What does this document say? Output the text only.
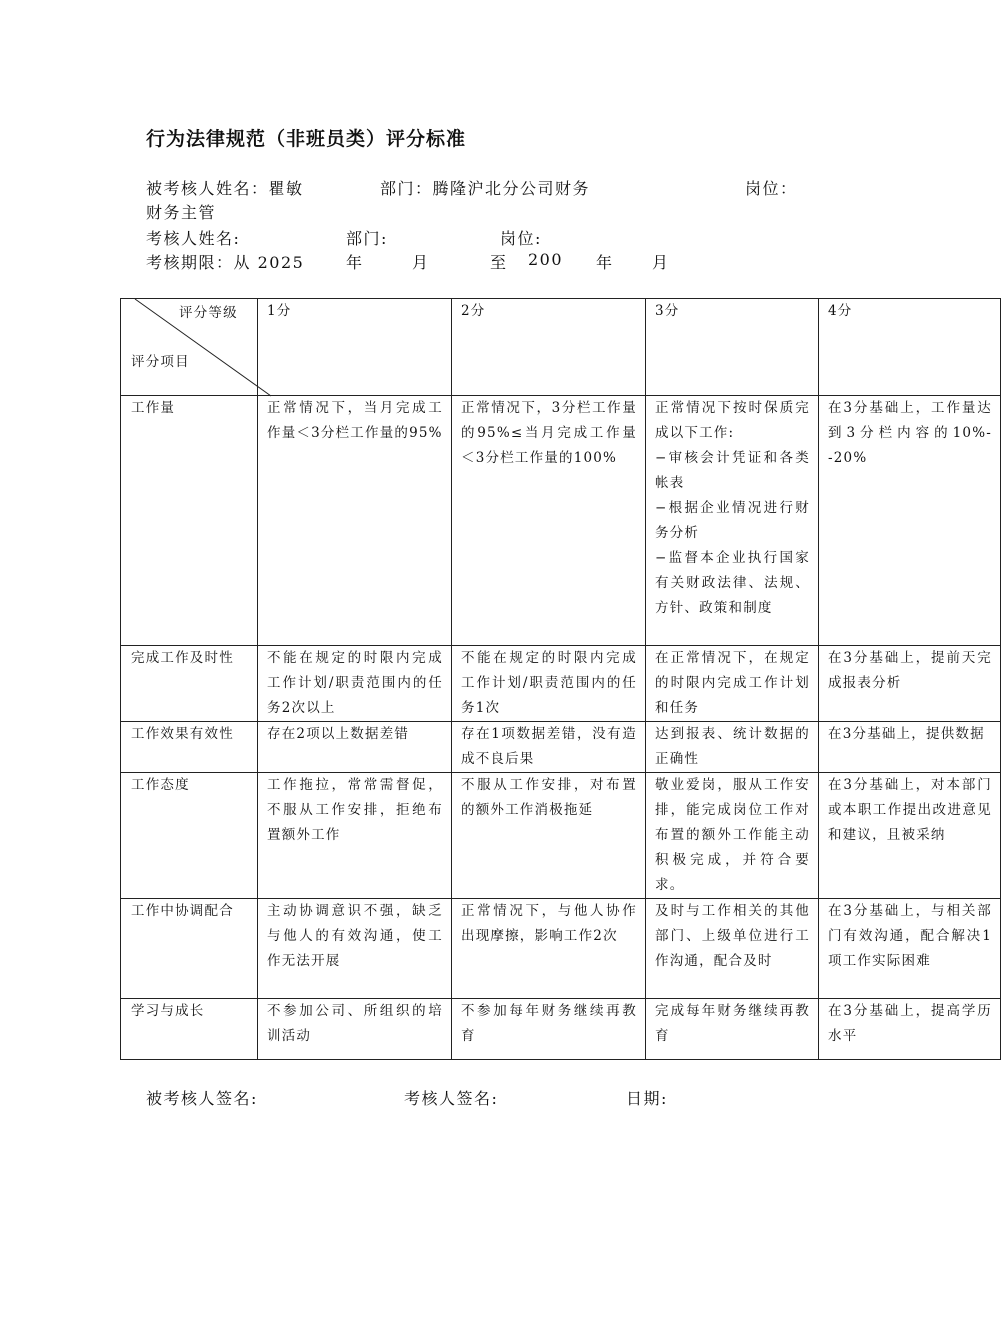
行为法律规范（非班员类）评分标准
被考核人姓名：瞿敏	部门：腾隆沪北分公司财务	岗位：
财务主管
考核人姓名:	部门:	岗位:
考核期限：从 2025	年	月	至 200 年 月
评分等级
评分项目	1分	2分	3分	4分
工作量	正常情况下，当月完成工作量＜3分栏工作量的95%	正常情况下，3分栏工作量的95%≤当月完成工作量＜3分栏工作量的100%	正常情况下按时保质完成以下工作:
−审核会计凭证和各类帐表
−根据企业情况进行财务分析
−监督本企业执行国家有关财政法律、法规、方针、政策和制度	在3分基础上，工作量达到3分栏内容的10%--20%
完成工作及时性	不能在规定的时限内完成工作计划/职责范围内的任务2次以上	不能在规定的时限内完成工作计划/职责范围内的任务1次	在正常情况下，在规定的时限内完成工作计划和任务	在3分基础上，提前天完成报表分析
工作效果有效性	存在2项以上数据差错	存在1项数据差错，没有造成不良后果	达到报表、统计数据的正确性	在3分基础上，提供数据
工作态度	工作拖拉，常常需督促，不服从工作安排，拒绝布置额外工作	不服从工作安排，对布置的额外工作消极拖延	敬业爱岗，服从工作安排，能完成岗位工作对布置的额外工作能主动积极完成，并符合要求。	在3分基础上，对本部门或本职工作提出改进意见和建议，且被采纳
工作中协调配合	主动协调意识不强，缺乏与他人的有效沟通，使工作无法开展	正常情况下，与他人协作出现摩擦，影响工作2次	及时与工作相关的其他部门、上级单位进行工作沟通，配合及时	在3分基础上，与相关部门有效沟通，配合解决1项工作实际困难
学习与成长	不参加公司、所组织的培训活动	不参加每年财务继续再教育	完成每年财务继续再教育	在3分基础上，提高学历水平
被考核人签名:	考核人签名:	日期:
